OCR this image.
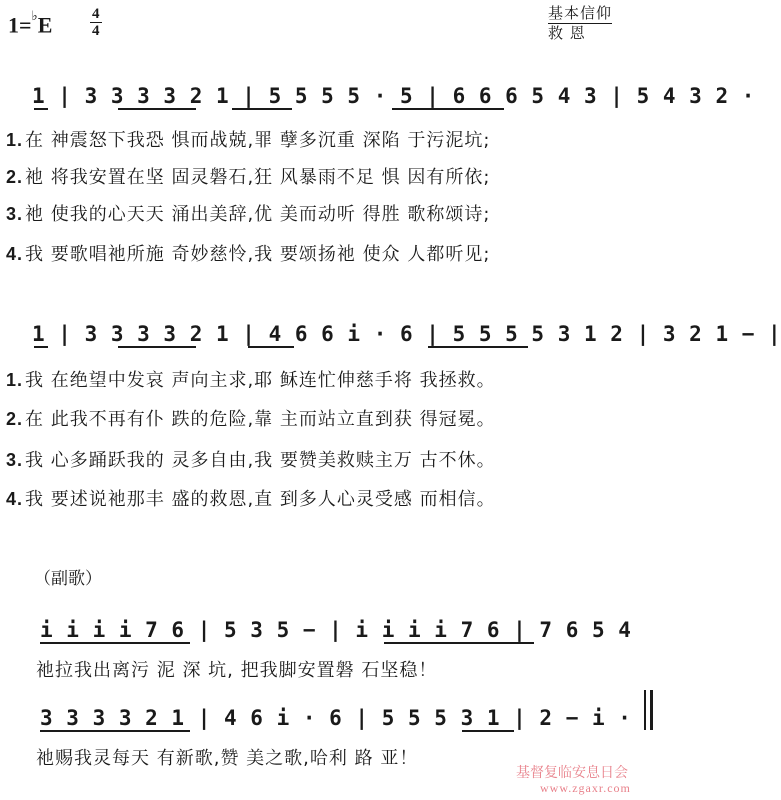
1=♭E	4
4
基本信仰
救 恩
1 | 3 3 3 3 2 1 | 5 5 5 5 · 5 | 6 6 6 5 4 3 | 5 4 3 2 ·
1. 在 神震怒下我恐 惧而战兢,罪 孽多沉重 深陷 于污泥坑;
2. 祂 将我安置在坚 固灵磐石,狂 风暴雨不足 惧 因有所依;
3. 祂 使我的心天天 涌出美辞,优 美而动听 得胜 歌称颂诗;
4. 我 要歌唱祂所施 奇妙慈怜,我 要颂扬祂 使众 人都听见;
1 | 3 3 3 3 2 1 | 4 6 6 i · 6 | 5 5 5 5 3 1 2 | 3 2 1 − |
1. 我 在绝望中发哀 声向主求,耶 稣连忙伸慈手将 我拯救。
2. 在 此我不再有仆 跌的危险,靠 主而站立直到获 得冠冕。
3. 我 心多踊跃我的 灵多自由,我 要赞美救赎主万 古不休。
4. 我 要述说祂那丰 盛的救恩,直 到多人心灵受感 而相信。
（副歌）
i i i i 7 6 | 5 3 5 − | i i i i 7 6 | 7 6 5 4
祂拉我出离污 泥 深 坑, 把我脚安置磐 石坚稳！
3 3 3 3 2 1 | 4 6 i · 6 | 5 5 5 3 1 | 2 − i ·
祂赐我灵每天 有新歌,赞 美之歌,哈利 路 亚！
基督复临安息日会
www.zgaxr.com
